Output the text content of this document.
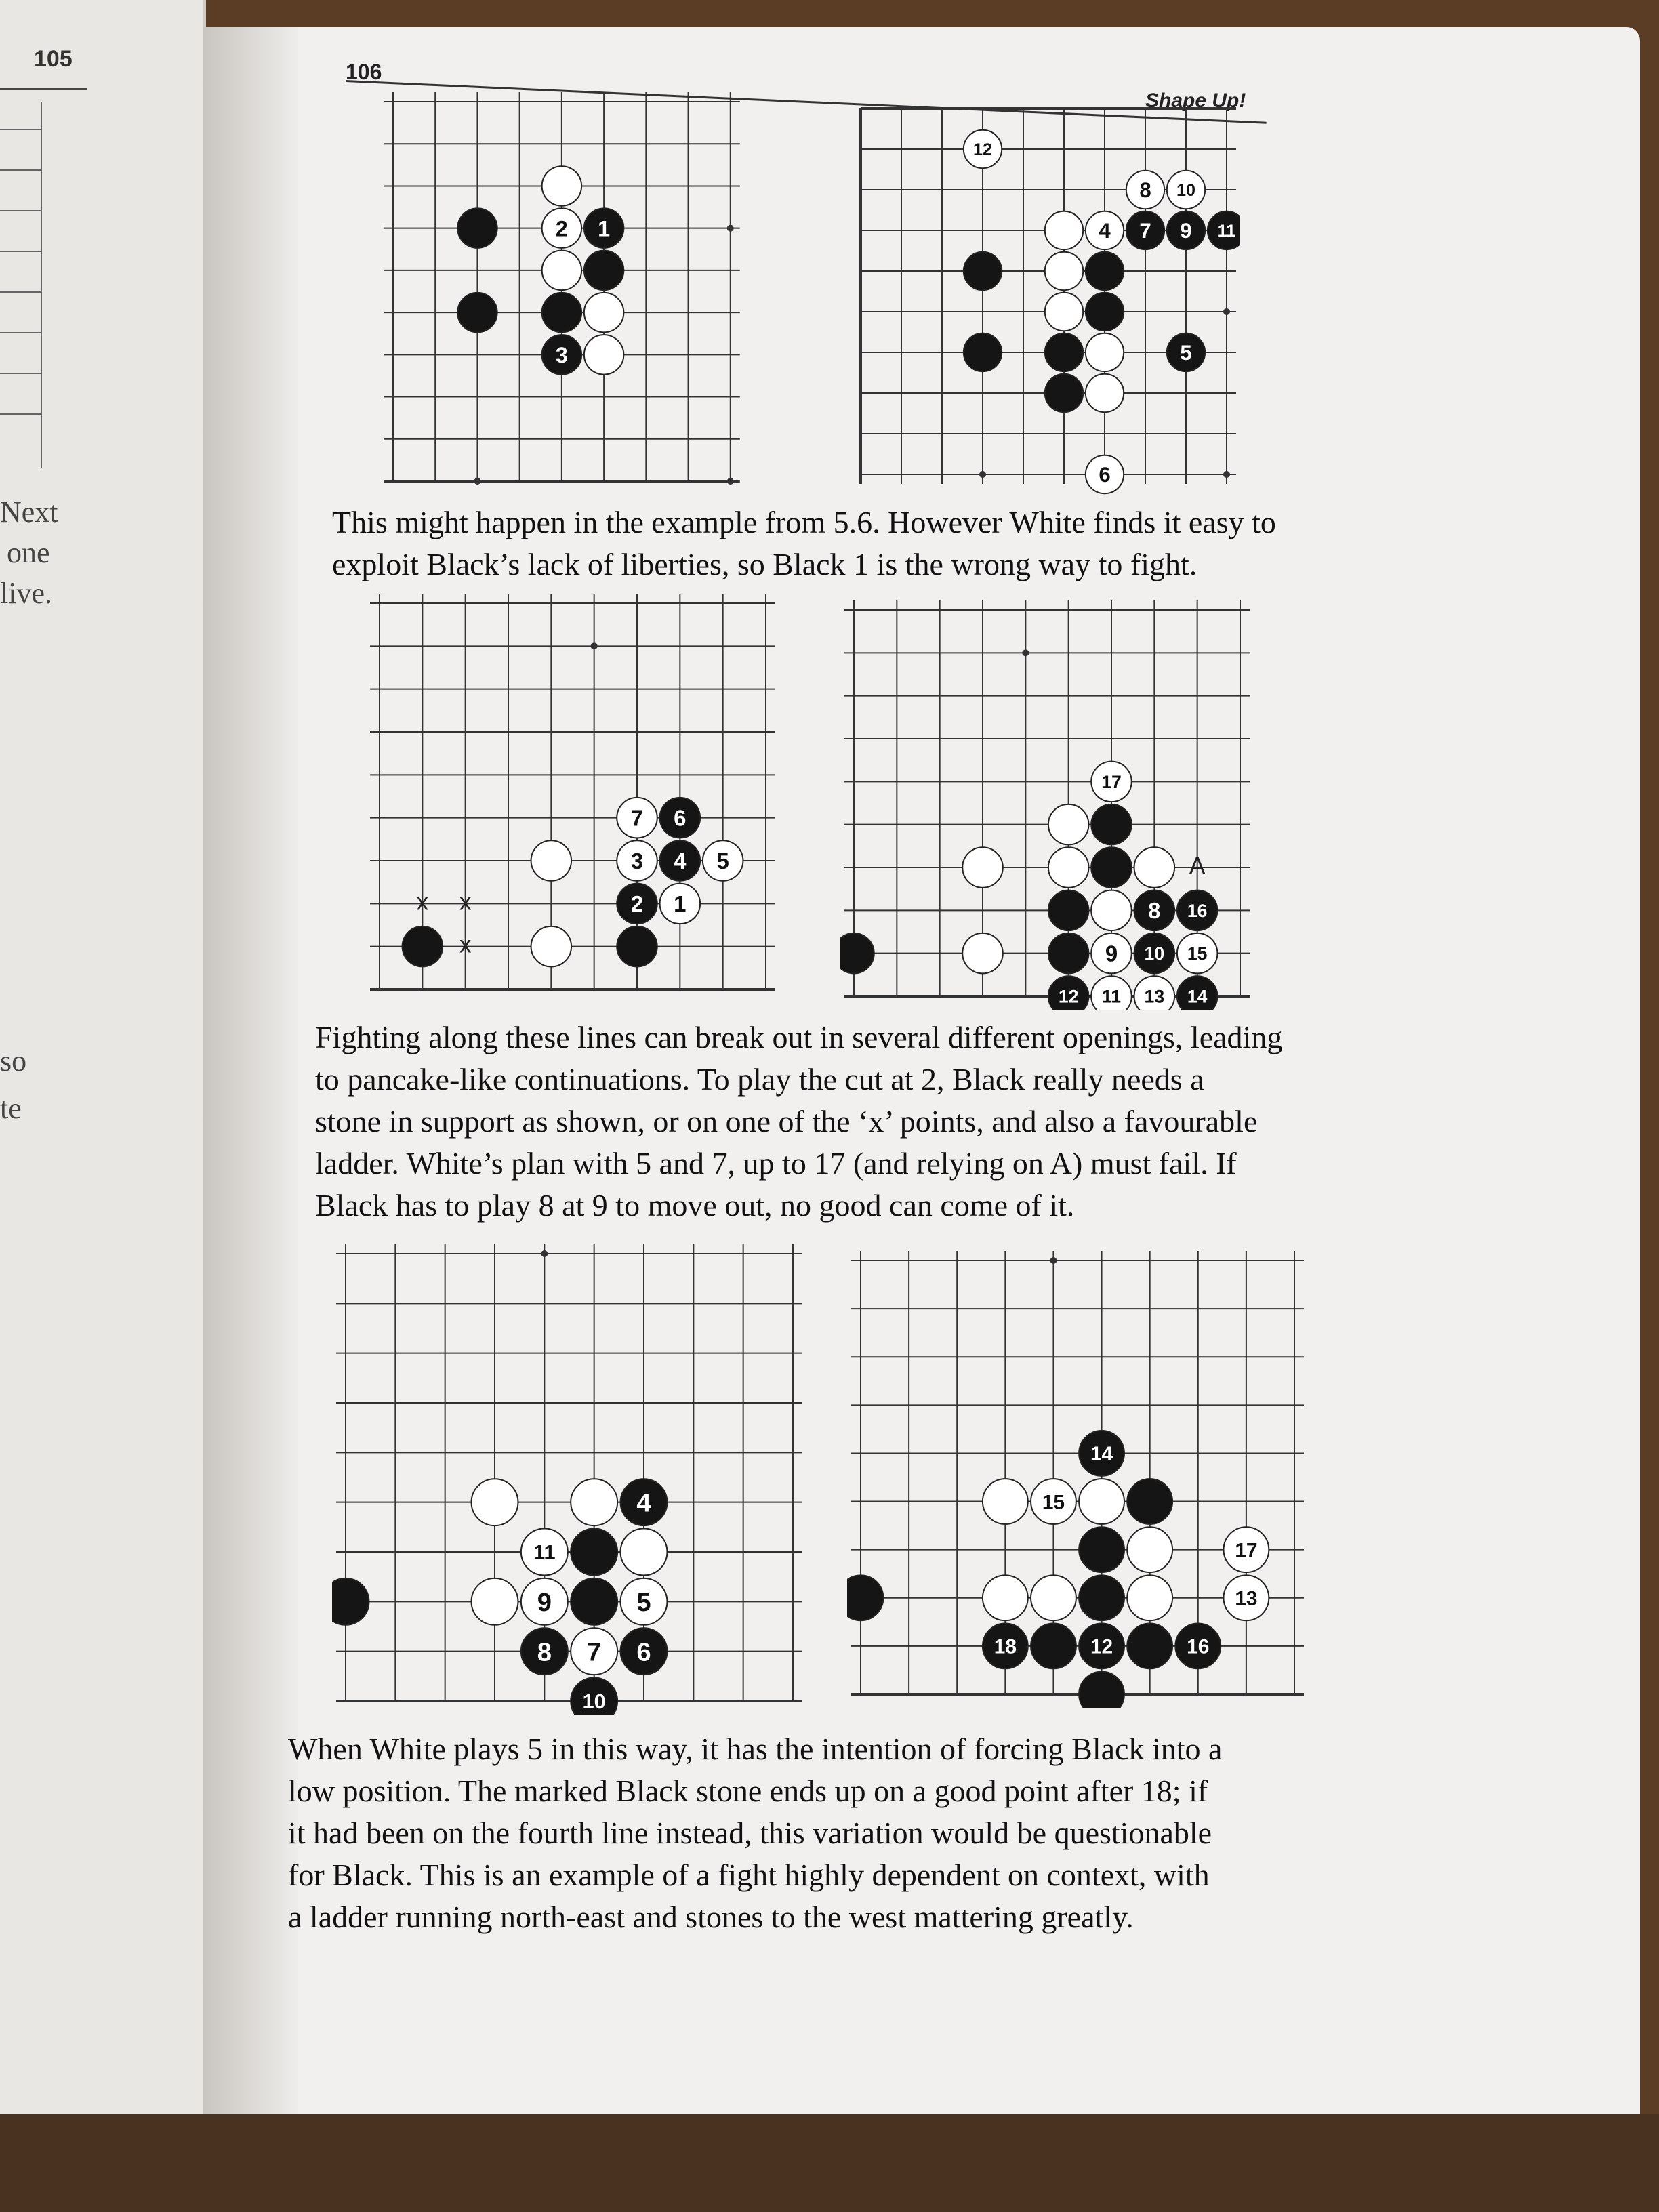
105
Next
one
live.
so
te
106
Shape Up!
2 1
3
12
8 10
4 7 9 11
5
6
This might happen in the example from 5.6. However White finds it easy to
exploit Black’s lack of liberties, so Black 1 is the wrong way to fight.
x x
x
7 6
3 4 5
2 1
A
17
8 16
9 10 15
12 11 13 14
Fighting along these lines can break out in several different openings, leading
to pancake-like continuations. To play the cut at 2, Black really needs a
stone in support as shown, or on one of the ‘x’ points, and also a favourable
ladder. White’s plan with 5 and 7, up to 17 (and relying on A) must fail. If
Black has to play 8 at 9 to move out, no good can come of it.
4
11
9	5
8 7 6
10
14
15
17
13
18	12	16
When White plays 5 in this way, it has the intention of forcing Black into a
low position. The marked Black stone ends up on a good point after 18; if
it had been on the fourth line instead, this variation would be questionable
for Black. This is an example of a fight highly dependent on context, with
a ladder running north-east and stones to the west mattering greatly.
